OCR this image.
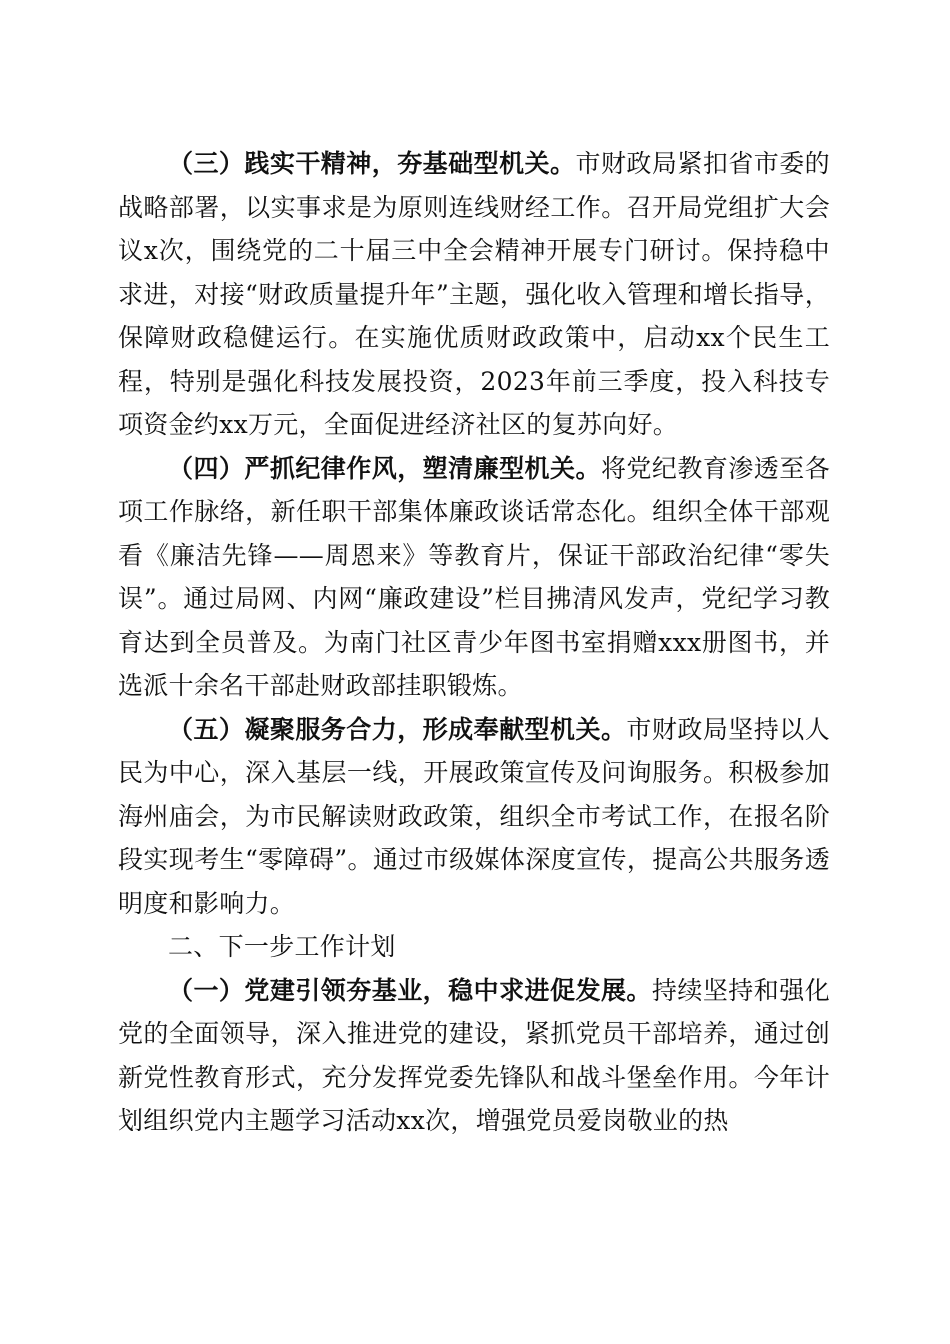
（三）践实干精神，夯基础型机关。市财政局紧扣省市委的战略部署，以实事求是为原则连线财经工作。召开局党组扩大会议x次，围绕党的二十届三中全会精神开展专门研讨。保持稳中求进，对接“财政质量提升年”主题，强化收入管理和增长指导，保障财政稳健运行。在实施优质财政政策中，启动xx个民生工程，特别是强化科技发展投资，2023年前三季度，投入科技专项资金约xx万元，全面促进经济社区的复苏向好。

（四）严抓纪律作风，塑清廉型机关。将党纪教育渗透至各项工作脉络，新任职干部集体廉政谈话常态化。组织全体干部观看《廉洁先锋——周恩来》等教育片，保证干部政治纪律“零失误”。通过局网、内网“廉政建设”栏目拂清风发声，党纪学习教育达到全员普及。为南门社区青少年图书室捐赠xxx册图书，并选派十余名干部赴财政部挂职锻炼。

（五）凝聚服务合力，形成奉献型机关。市财政局坚持以人民为中心，深入基层一线，开展政策宣传及问询服务。积极参加海州庙会，为市民解读财政政策，组织全市考试工作，在报名阶段实现考生“零障碍”。通过市级媒体深度宣传，提高公共服务透明度和影响力。

二、下一步工作计划

（一）党建引领夯基业，稳中求进促发展。持续坚持和强化党的全面领导，深入推进党的建设，紧抓党员干部培养，通过创新党性教育形式，充分发挥党委先锋队和战斗堡垒作用。今年计划组织党内主题学习活动xx次，增强党员爱岗敬业的热
